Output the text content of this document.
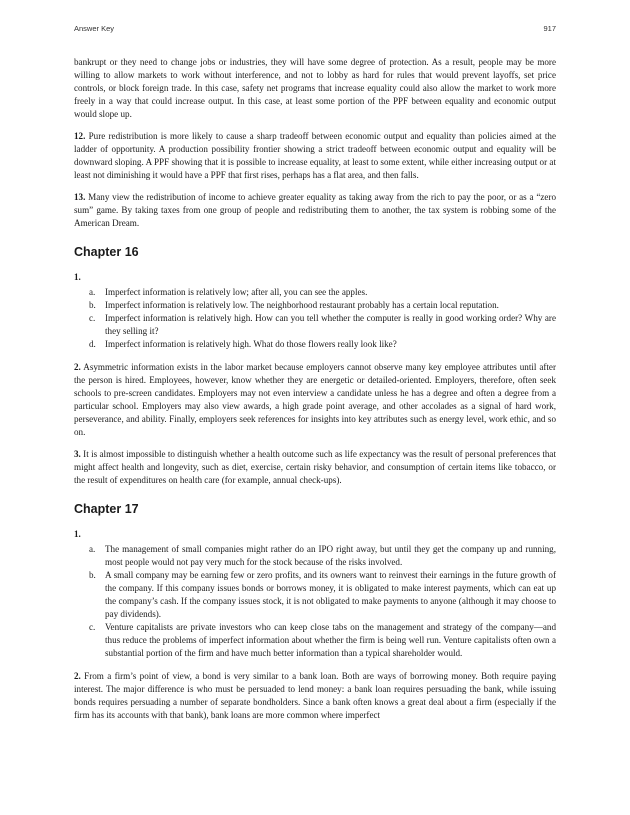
Answer Key	917

bankrupt or they need to change jobs or industries, they will have some degree of protection. As a result, people may be more willing to allow markets to work without interference, and not to lobby as hard for rules that would prevent layoffs, set price controls, or block foreign trade. In this case, safety net programs that increase equality could also allow the market to work more freely in a way that could increase output. In this case, at least some portion of the PPF between equality and economic output would slope up.

12. Pure redistribution is more likely to cause a sharp tradeoff between economic output and equality than policies aimed at the ladder of opportunity. A production possibility frontier showing a strict tradeoff between economic output and equality will be downward sloping. A PPF showing that it is possible to increase equality, at least to some extent, while either increasing output or at least not diminishing it would have a PPF that first rises, perhaps has a flat area, and then falls.

13. Many view the redistribution of income to achieve greater equality as taking away from the rich to pay the poor, or as a “zero sum” game. By taking taxes from one group of people and redistributing them to another, the tax system is robbing some of the American Dream.

Chapter 16
1.
a. Imperfect information is relatively low; after all, you can see the apples.
b. Imperfect information is relatively low. The neighborhood restaurant probably has a certain local reputation.
c. Imperfect information is relatively high. How can you tell whether the computer is really in good working order? Why are they selling it?
d. Imperfect information is relatively high. What do those flowers really look like?

2. Asymmetric information exists in the labor market because employers cannot observe many key employee attributes until after the person is hired. Employees, however, know whether they are energetic or detailed-oriented. Employers, therefore, often seek schools to pre-screen candidates. Employers may not even interview a candidate unless he has a degree and often a degree from a particular school. Employers may also view awards, a high grade point average, and other accolades as a signal of hard work, perseverance, and ability. Finally, employers seek references for insights into key attributes such as energy level, work ethic, and so on.

3. It is almost impossible to distinguish whether a health outcome such as life expectancy was the result of personal preferences that might affect health and longevity, such as diet, exercise, certain risky behavior, and consumption of certain items like tobacco, or the result of expenditures on health care (for example, annual check-ups).

Chapter 17
1.
a. The management of small companies might rather do an IPO right away, but until they get the company up and running, most people would not pay very much for the stock because of the risks involved.
b. A small company may be earning few or zero profits, and its owners want to reinvest their earnings in the future growth of the company. If this company issues bonds or borrows money, it is obligated to make interest payments, which can eat up the company’s cash. If the company issues stock, it is not obligated to make payments to anyone (although it may choose to pay dividends).
c. Venture capitalists are private investors who can keep close tabs on the management and strategy of the company—and thus reduce the problems of imperfect information about whether the firm is being well run. Venture capitalists often own a substantial portion of the firm and have much better information than a typical shareholder would.

2. From a firm’s point of view, a bond is very similar to a bank loan. Both are ways of borrowing money. Both require paying interest. The major difference is who must be persuaded to lend money: a bank loan requires persuading the bank, while issuing bonds requires persuading a number of separate bondholders. Since a bank often knows a great deal about a firm (especially if the firm has its accounts with that bank), bank loans are more common where imperfect
